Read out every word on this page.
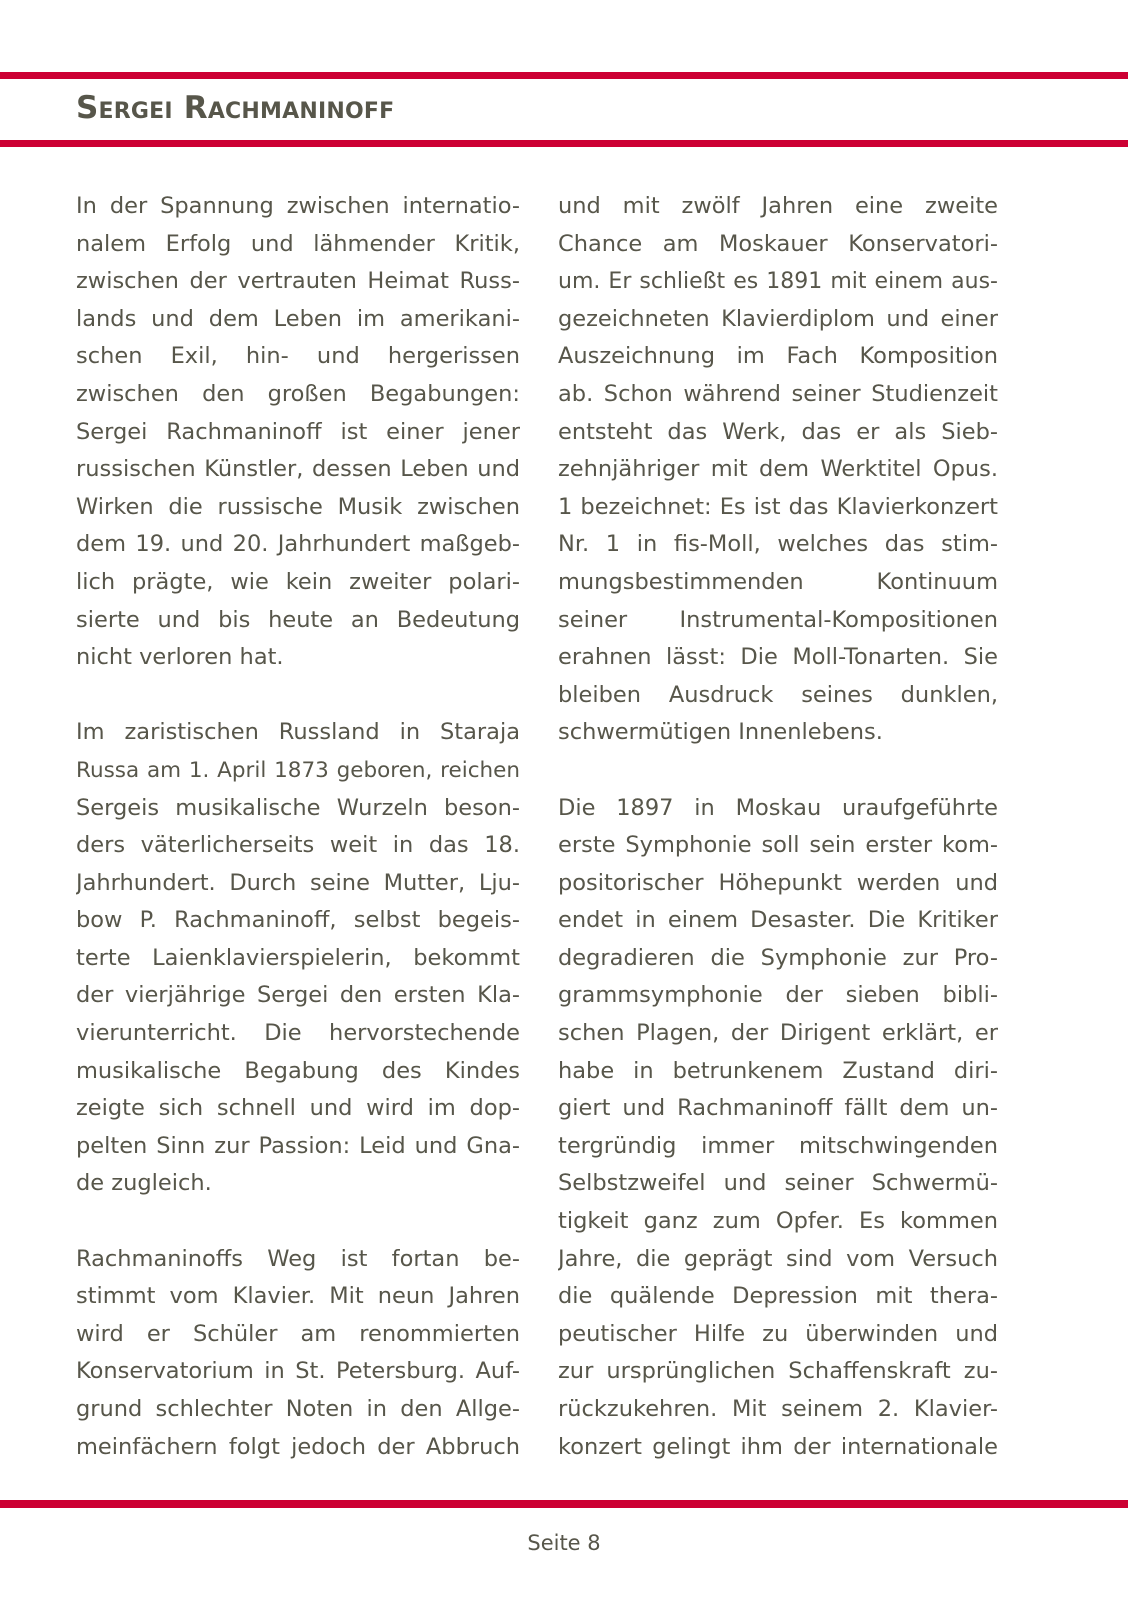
Sergei Rachmaninoff
In der Spannung zwischen internatio-
nalem Erfolg und lähmender Kritik,
zwischen der vertrauten Heimat Russ-
lands und dem Leben im amerikani-
schen Exil, hin- und hergerissen
zwischen den großen Begabungen:
Sergei Rachmaninoff ist einer jener
russischen Künstler, dessen Leben und
Wirken die russische Musik zwischen
dem 19. und 20. Jahrhundert maßgeb-
lich prägte, wie kein zweiter polari-
sierte und bis heute an Bedeutung
nicht verloren hat.
Im zaristischen Russland in Staraja
Russa am 1. April 1873 geboren, reichen
Sergeis musikalische Wurzeln beson-
ders väterlicherseits weit in das 18.
Jahrhundert. Durch seine Mutter, Lju-
bow P. Rachmaninoff, selbst begeis-
terte Laienklavierspielerin, bekommt
der vierjährige Sergei den ersten Kla-
vierunterricht. Die hervorstechende
musikalische Begabung des Kindes
zeigte sich schnell und wird im dop-
pelten Sinn zur Passion: Leid und Gna-
de zugleich.
Rachmaninoffs Weg ist fortan be-
stimmt vom Klavier. Mit neun Jahren
wird er Schüler am renommierten
Konservatorium in St. Petersburg. Auf-
grund schlechter Noten in den Allge-
meinfächern folgt jedoch der Abbruch
und mit zwölf Jahren eine zweite
Chance am Moskauer Konservatori-
um. Er schließt es 1891 mit einem aus-
gezeichneten Klavierdiplom und einer
Auszeichnung im Fach Komposition
ab. Schon während seiner Studienzeit
entsteht das Werk, das er als Sieb-
zehnjähriger mit dem Werktitel Opus.
1 bezeichnet: Es ist das Klavierkonzert
Nr. 1 in fis-Moll, welches das stim-
mungsbestimmenden Kontinuum
seiner Instrumental-Kompositionen
erahnen lässt: Die Moll-Tonarten. Sie
bleiben Ausdruck seines dunklen,
schwermütigen Innenlebens.
Die 1897 in Moskau uraufgeführte
erste Symphonie soll sein erster kom-
positorischer Höhepunkt werden und
endet in einem Desaster. Die Kritiker
degradieren die Symphonie zur Pro-
grammsymphonie der sieben bibli-
schen Plagen, der Dirigent erklärt, er
habe in betrunkenem Zustand diri-
giert und Rachmaninoff fällt dem un-
tergründig immer mitschwingenden
Selbstzweifel und seiner Schwermü-
tigkeit ganz zum Opfer. Es kommen
Jahre, die geprägt sind vom Versuch
die quälende Depression mit thera-
peutischer Hilfe zu überwinden und
zur ursprünglichen Schaffenskraft zu-
rückzukehren. Mit seinem 2. Klavier-
konzert gelingt ihm der internationale
Seite 8
